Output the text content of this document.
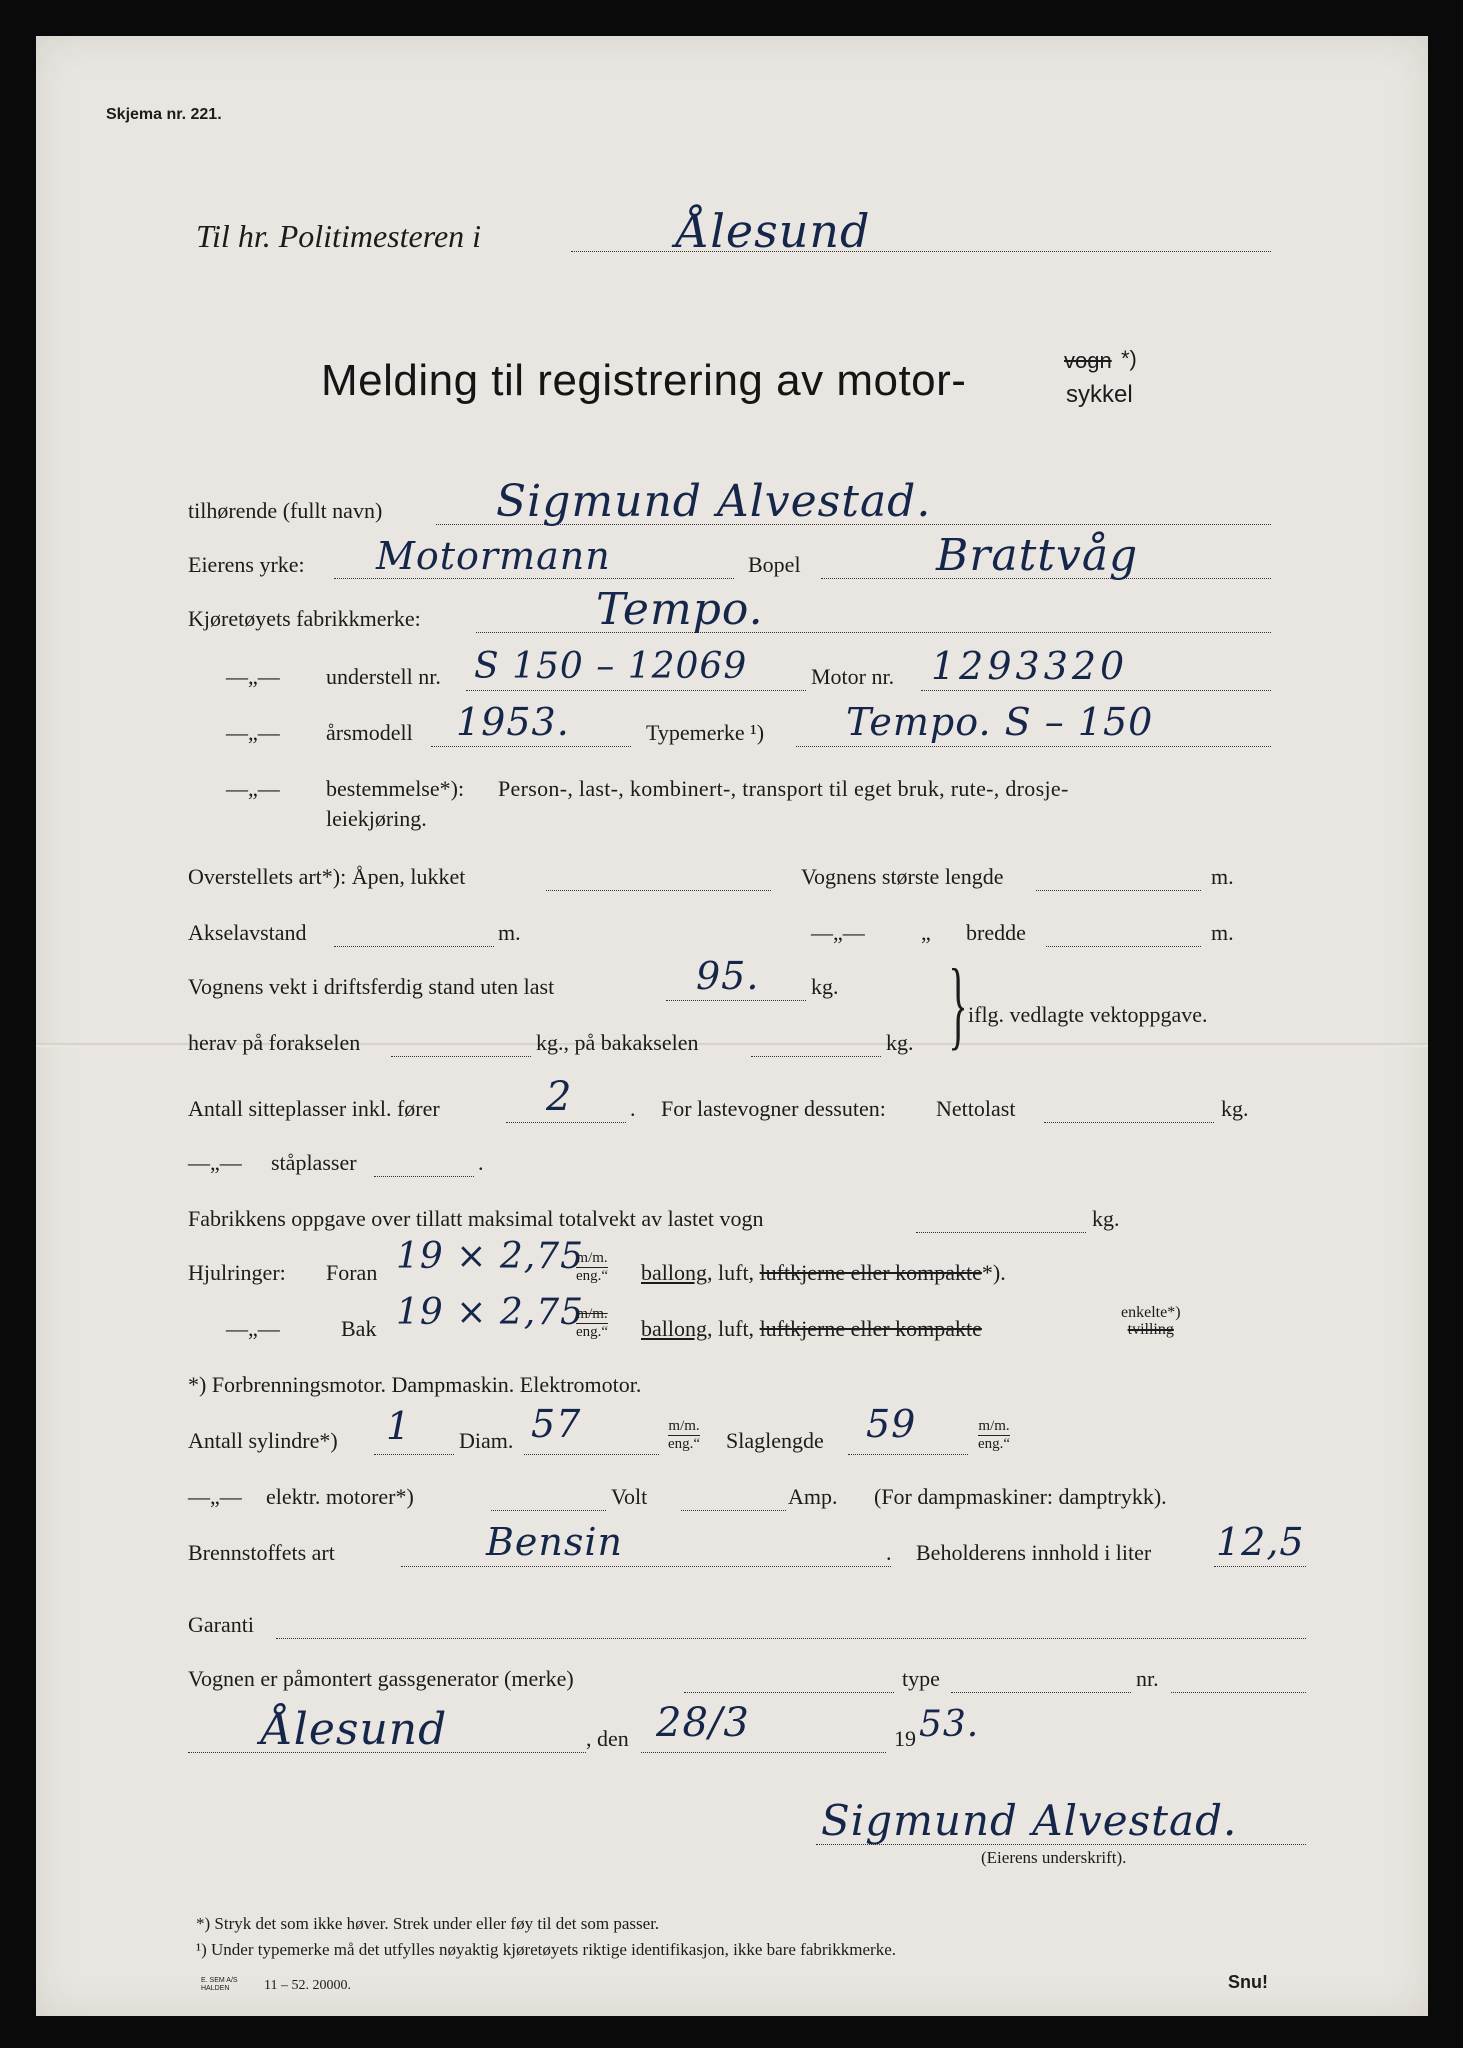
Skjema nr. 221.
Til hr. Politimesteren i	Ålesund
Melding til registrering av motor-	vogn *)
sykkel
tilhørende (fullt navn)	Sigmund Alvestad.
Eierens yrke: Motormann	Bopel	Brattvåg
Kjøretøyets fabrikkmerke:	Tempo.
—„— understell nr. S 150 – 12069	Motor nr. 1293320
—„— årsmodell 1953.	Typemerke ¹) Tempo. S – 150
—„— bestemmelse*): Person-, last-, kombinert-, transport til eget bruk, rute-, drosje-
leiekjøring.
Overstellets art*): Åpen, lukket	Vognens største lengde	m.
Akselavstand	m.	—„—	„ bredde	m.
Vognens vekt i driftsferdig stand uten last	95. kg.
herav på forakselen	kg., på bakakselen	kg. } iflg. vedlagte vektoppgave.
Antall sitteplasser inkl. fører	2	. For lastevogner dessuten: Nettolast	kg.
—„— ståplasser	.
Fabrikkens oppgave over tillatt maksimal totalvekt av lastet vogn	kg.
Hjulringer: Foran 19 × 2,75
m/m.
eng.“ ballong, luft, luftkjerne eller kompakte*).
—„—	Bak 19 × 2,75
m/m.
eng.“ ballong, luft, luftkjerne eller kompakte
enkelte*)
tvilling
*) Forbrenningsmotor. Dampmaskin. Elektromotor.
Antall sylindre*) 1 Diam. 57	m/m.
eng.“ Slaglengde 59	m/m.
eng.“
—„— elektr. motorer*)	Volt	Amp. (For dampmaskiner: damptrykk).
Brennstoffets art	Bensin	. Beholderens innhold i liter 12,5
Garanti
Vognen er påmontert gassgenerator (merke)	type	nr.
Ålesund	, den 28/3	19 53.
Sigmund Alvestad.
(Eierens underskrift).
*) Stryk det som ikke høver. Strek under eller føy til det som passer.
¹) Under typemerke må det utfylles nøyaktig kjøretøyets riktige identifikasjon, ikke bare fabrikkmerke.
E. SEM A/S
HALDEN	11 – 52. 20000.	Snu!
